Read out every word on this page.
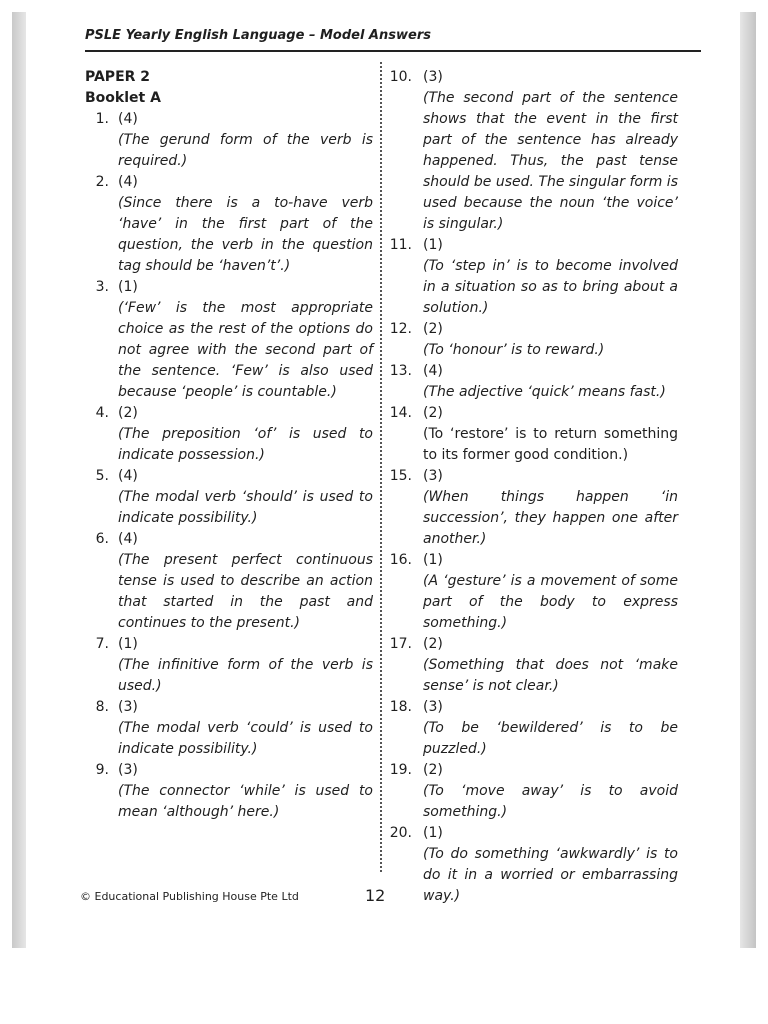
PSLE Yearly English Language – Model Answers
PAPER 2
Booklet A
1. (4)
(The gerund form of the verb is required.)
2. (4)
(Since there is a to-have verb ‘have’ in the first part of the question, the verb in the question tag should be ‘haven’t’.)
3. (1)
(‘Few’ is the most appropriate choice as the rest of the options do not agree with the second part of the sentence. ‘Few’ is also used because ‘people’ is countable.)
4. (2)
(The preposition ‘of’ is used to indicate possession.)
5. (4)
(The modal verb ‘should’ is used to indicate possibility.)
6. (4)
(The present perfect continuous tense is used to describe an action that started in the past and continues to the present.)
7. (1)
(The infinitive form of the verb is used.)
8. (3)
(The modal verb ‘could’ is used to indicate possibility.)
9. (3)
(The connector ‘while’ is used to mean ‘although’ here.)
10. (3)
(The second part of the sentence shows that the event in the first part of the sentence has already happened. Thus, the past tense should be used. The singular form is used because the noun ‘the voice’ is singular.)
11. (1)
(To ‘step in’ is to become involved in a situation so as to bring about a solution.)
12. (2)
(To ‘honour’ is to reward.)
13. (4)
(The adjective ‘quick’ means fast.)
14. (2)
(To ‘restore’ is to return something to its former good condition.)
15. (3)
(When things happen ‘in succession’, they happen one after another.)
16. (1)
(A ‘gesture’ is a movement of some part of the body to express something.)
17. (2)
(Something that does not ‘make sense’ is not clear.)
18. (3)
(To be ‘bewildered’ is to be puzzled.)
19. (2)
(To ‘move away’ is to avoid something.)
20. (1)
(To do something ‘awkwardly’ is to do it in a worried or embarrassing way.)
© Educational Publishing House Pte Ltd	12
